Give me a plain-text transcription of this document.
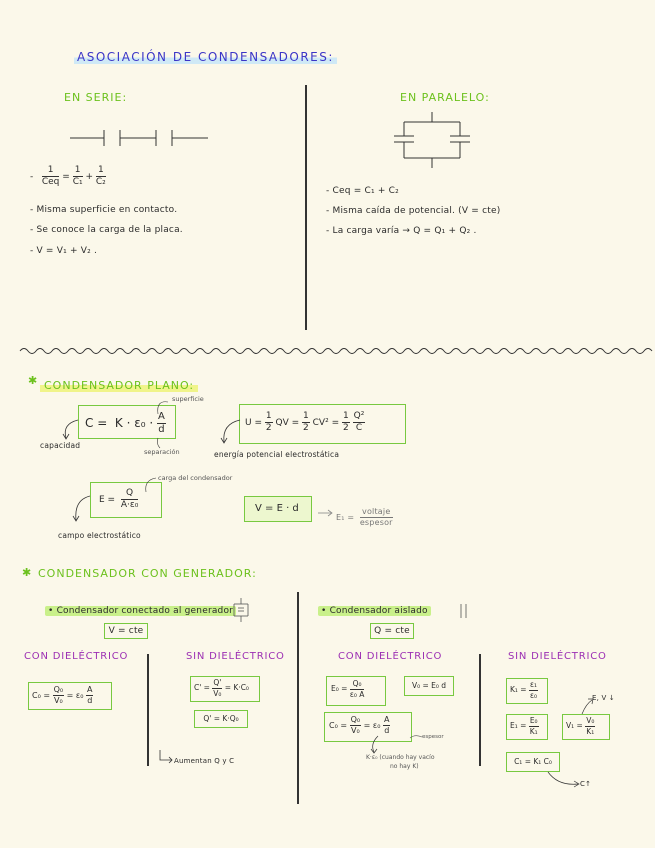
ASOCIACIÓN DE CONDENSADORES:
EN SERIE:
- $\frac{1}{\text{Ceq}} = \frac{1}{\text{C₁}} + \frac{1}{\text{C₂}}$
- Misma superficie en contacto.
- Se conoce la carga de la placa.
- V = V₁ + V₂ .
EN PARALELO:
- Ceq = C₁ + C₂
- Misma caída de potencial. (V = cte)
- La carga varía → Q = Q₁ + Q₂ .
✱ CONDENSADOR PLANO:
$C = K \cdot \varepsilon_0 \cdot \frac{A}{d}$
superficie
separación
capacidad
$U = \frac{1}{2}$ QV = $\frac{1}{2} CV^2 = \frac{1}{2}$
$\frac{\text{Q²}}{C}$
energía potencial electrostática
$E = \frac{Q}{\text{A·ε₀}}$
carga del condensador
campo electrostático
V = E · d
$E_1 = \frac{\text{voltaje}}{\text{espesor}}$
✱ CONDENSADOR CON GENERADOR:
• Condensador conectado al generador
V = cte
• Condensador aislado
Q = cte
CON DIELÉCTRICO	SIN DIELÉCTRICO	CON DIELÉCTRICO	SIN DIELÉCTRICO
$C_0 = \frac{\text{Q₀}}{\text{V₀}} = \varepsilon_0 \frac{A}{d}$	$C' = \frac{Q'}{\text{V₀}} = K\cdot C_0$
Q' = K·Q₀
Aumentan Q y C
$E_0 = \frac{\text{Q₀}}{\text{ε₀ A}}$	V₀ = E₀ d
$C_0 = \frac{\text{Q₀}}{\text{V₀}} = \varepsilon_0 \frac{A}{d}$
espesor
K·ε₀ (cuando hay vacío
no hay K)
$K_1 = \frac{\text{ε₁}}{\text{ε₀}}$
$E_1 = \frac{\text{E₀}}{\text{K₁}}$	$V_1 = \frac{\text{V₀}}{\text{K₁}}$
C₁ = K₁ C₀
E, V ↓
C↑
